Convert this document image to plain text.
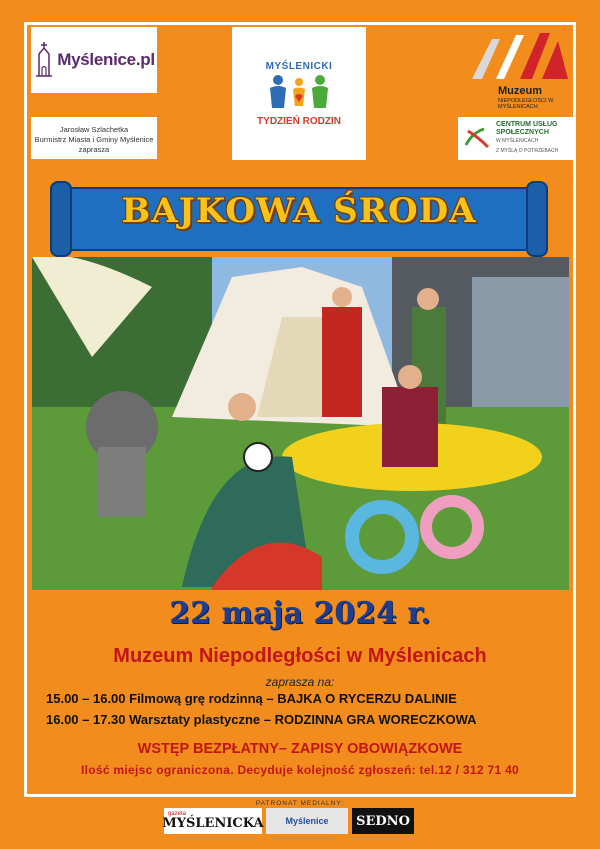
Myślenice.pl
Jarosław Szlachetka
Burmistrz Miasta i Gminy Myślenice
zaprasza
MYŚLENICKI
TYDZIEŃ RODZIN
Muzeum
NIEPODLEGŁOŚCI W MYŚLENICACH
CENTRUM USŁUG
SPOŁECZNYCH
W MYŚLENICACH
Z MYŚLĄ O POTRZEBACH
BAJKOWA ŚRODA
22 maja 2024 r.
Muzeum Niepodległości w Myślenicach
zaprasza na:
15.00 – 16.00 Filmową grę rodzinną – BAJKA O RYCERZU DALINIE
16.00 – 17.30 Warsztaty plastyczne – RODZINNA GRA WORECZKOWA
WSTĘP BEZPŁATNY– ZAPISY OBOWIĄZKOWE
Ilość miejsc ograniczona. Decyduje kolejność zgłoszeń: tel.12 / 312 71 40
PATRONAT MEDIALNY:
gazeta
MYŚLENICKA Myślenice SEDNO
